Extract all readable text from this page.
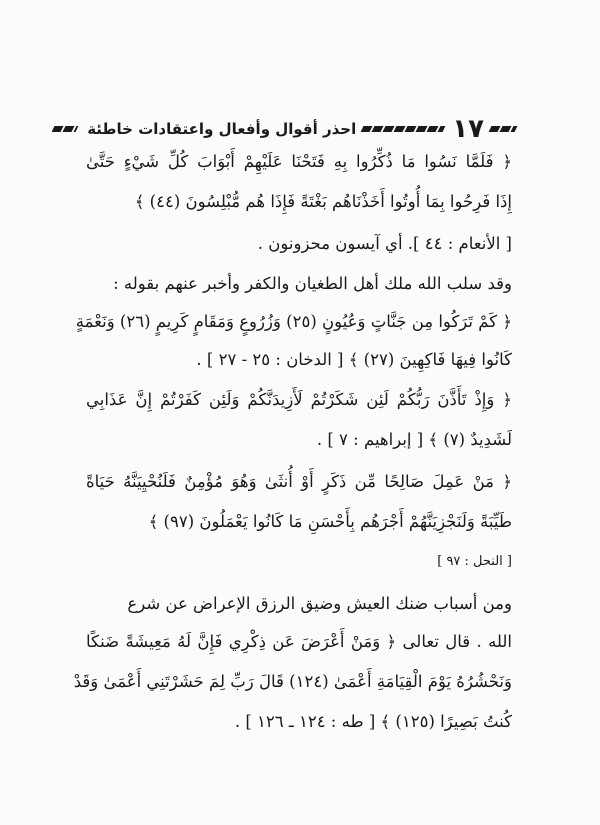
١٧
احذر أقوال وأفعال واعتقادات خاطئة
﴿ فَلَمَّا نَسُوا مَا ذُكِّرُوا بِهِ فَتَحْنَا عَلَيْهِمْ أَبْوَابَ كُلِّ شَيْءٍ حَتَّىٰ
إِذَا فَرِحُوا بِمَا أُوتُوا أَخَذْنَاهُم بَغْتَةً فَإِذَا هُم مُّبْلِسُونَ (٤٤) ﴾
[ الأنعام : ٤٤ ]. أي آيسون محزونون .
وقد سلب الله ملك أهل الطغيان والكفر وأخبر عنهم بقوله :
﴿ كَمْ تَرَكُوا مِن جَنَّاتٍ وَعُيُونٍ (٢٥) وَزُرُوعٍ وَمَقَامٍ كَرِيمٍ (٢٦) وَنَعْمَةٍ
كَانُوا فِيهَا فَاكِهِينَ (٢٧) ﴾ [ الدخان : ٢٥ - ٢٧ ] .
﴿ وَإِذْ تَأَذَّنَ رَبُّكُمْ لَئِن شَكَرْتُمْ لَأَزِيدَنَّكُمْ وَلَئِن كَفَرْتُمْ إِنَّ عَذَابِي
لَشَدِيدٌ (٧) ﴾ [ إبراهيم : ٧ ] .
﴿ مَنْ عَمِلَ صَالِحًا مِّن ذَكَرٍ أَوْ أُنثَىٰ وَهُوَ مُؤْمِنٌ فَلَنُحْيِيَنَّهُ حَيَاةً
طَيِّبَةً وَلَنَجْزِيَنَّهُمْ أَجْرَهُم بِأَحْسَنِ مَا كَانُوا يَعْمَلُونَ (٩٧) ﴾
[ النحل : ٩٧ ]
ومن أسباب ضنك العيش وضيق الرزق الإعراض عن شرع
الله . قال تعالى ﴿ وَمَنْ أَعْرَضَ عَن ذِكْرِي فَإِنَّ لَهُ مَعِيشَةً ضَنكًا
وَنَحْشُرُهُ يَوْمَ الْقِيَامَةِ أَعْمَىٰ (١٢٤) قَالَ رَبِّ لِمَ حَشَرْتَنِي أَعْمَىٰ وَقَدْ
كُنتُ بَصِيرًا (١٢٥) ﴾ [ طه : ١٢٤ ـ ١٢٦ ] .
